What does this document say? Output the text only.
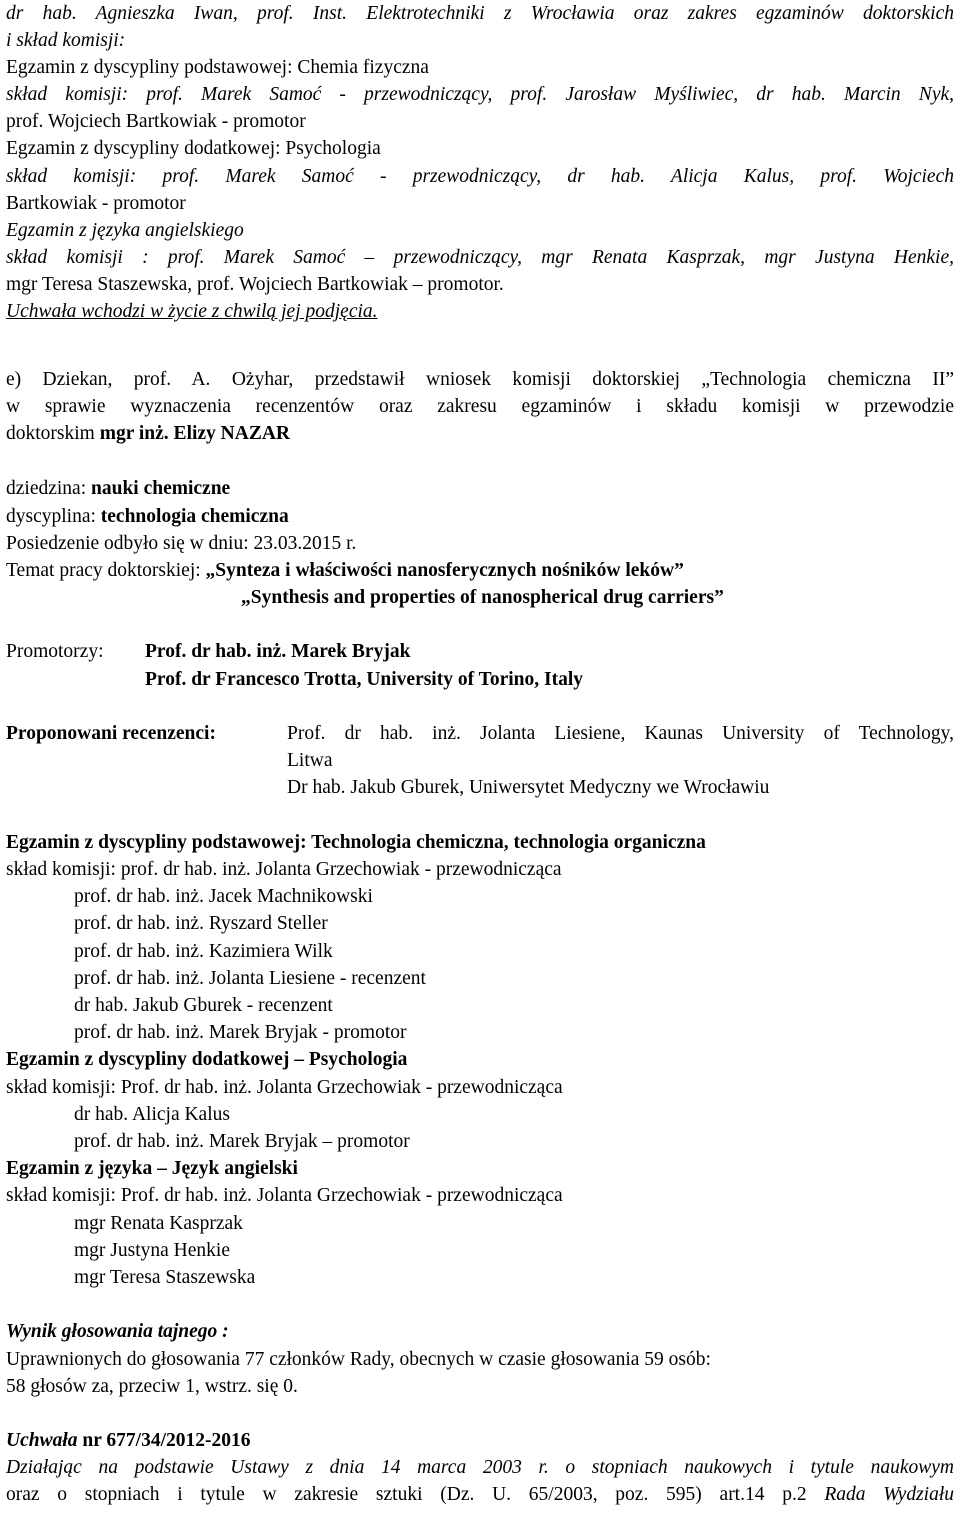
dr hab. Agnieszka Iwan, prof. Inst. Elektrotechniki z Wrocławia oraz zakres egzaminów doktorskich
i skład komisji:
Egzamin z dyscypliny podstawowej: Chemia fizyczna
skład komisji: prof. Marek Samoć - przewodniczący, prof. Jarosław Myśliwiec, dr hab. Marcin Nyk,
prof. Wojciech Bartkowiak - promotor
Egzamin z dyscypliny dodatkowej: Psychologia
skład komisji: prof. Marek Samoć - przewodniczący, dr hab. Alicja Kalus, prof. Wojciech
Bartkowiak - promotor
Egzamin z języka angielskiego
skład komisji : prof. Marek Samoć – przewodniczący, mgr Renata Kasprzak, mgr Justyna Henkie,
mgr Teresa Staszewska, prof. Wojciech Bartkowiak – promotor.
Uchwała wchodzi w życie z chwilą jej podjęcia.
e) Dziekan, prof. A. Ożyhar, przedstawił wniosek komisji doktorskiej „Technologia chemiczna II”
w sprawie wyznaczenia recenzentów oraz zakresu egzaminów i składu komisji w przewodzie
doktorskim mgr inż. Elizy NAZAR
dziedzina: nauki chemiczne
dyscyplina: technologia chemiczna
Posiedzenie odbyło się w dniu: 23.03.2015 r.
Temat pracy doktorskiej: „Synteza i właściwości nanosferycznych nośników leków”
„Synthesis and properties of nanospherical drug carriers”
Promotorzy: Prof. dr hab. inż. Marek Bryjak
Prof. dr Francesco Trotta, University of Torino, Italy
Proponowani recenzenci:	Prof. dr hab. inż. Jolanta Liesiene, Kaunas University of Technology,
Litwa
Dr hab. Jakub Gburek, Uniwersytet Medyczny we Wrocławiu
Egzamin z dyscypliny podstawowej: Technologia chemiczna, technologia organiczna
skład komisji: prof. dr hab. inż. Jolanta Grzechowiak - przewodnicząca
prof. dr hab. inż. Jacek Machnikowski
prof. dr hab. inż. Ryszard Steller
prof. dr hab. inż. Kazimiera Wilk
prof. dr hab. inż. Jolanta Liesiene - recenzent
dr hab. Jakub Gburek - recenzent
prof. dr hab. inż. Marek Bryjak - promotor
Egzamin z dyscypliny dodatkowej – Psychologia
skład komisji: Prof. dr hab. inż. Jolanta Grzechowiak - przewodnicząca
dr hab. Alicja Kalus
prof. dr hab. inż. Marek Bryjak – promotor
Egzamin z języka – Język angielski
skład komisji: Prof. dr hab. inż. Jolanta Grzechowiak - przewodnicząca
mgr Renata Kasprzak
mgr Justyna Henkie
mgr Teresa Staszewska
Wynik głosowania tajnego :
Uprawnionych do głosowania 77 członków Rady, obecnych w czasie głosowania 59 osób:
58 głosów za, przeciw 1, wstrz. się 0.
Uchwała nr 677/34/2012-2016
Działając na podstawie Ustawy z dnia 14 marca 2003 r. o stopniach naukowych i tytule naukowym
oraz o stopniach i tytule w zakresie sztuki (Dz. U. 65/2003, poz. 595) art.14 p.2 Rada Wydziału
